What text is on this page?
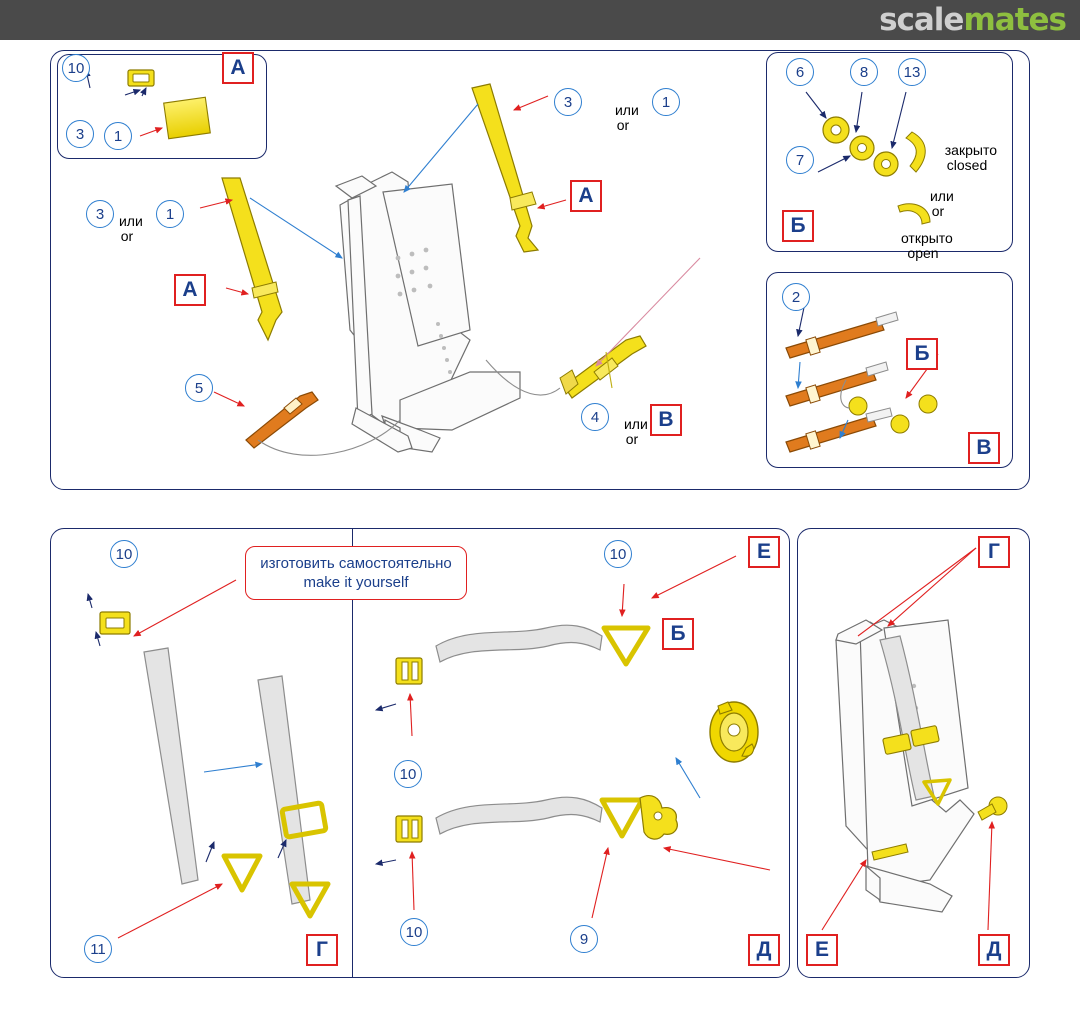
scalemates
10
3	1
A
3	или
or

1
A
3	или
or

1
A
5
4	или
or

В
6	8	13
7

закрыто
closed

или
or

открыто
open

Б
2
Б
В
10
изготовить самостоятельно
make it yourself
11	Г
10
10
10	9
Е
Б
Д
Г
Е	Д
